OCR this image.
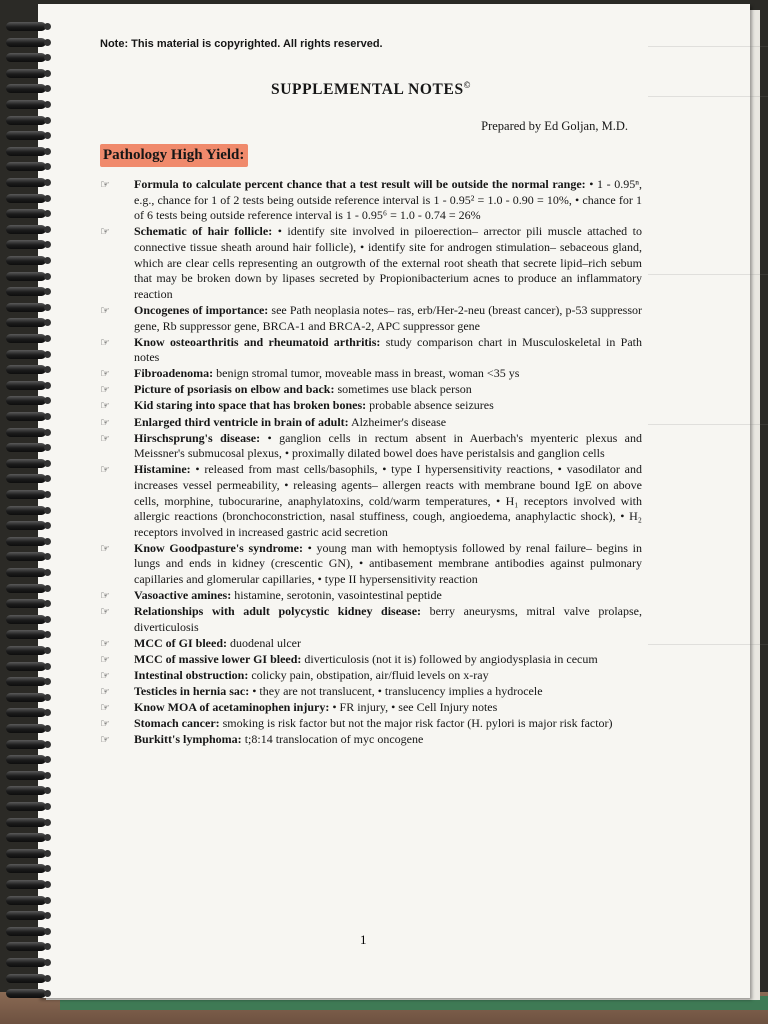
Note: This material is copyrighted. All rights reserved.
SUPPLEMENTAL NOTES©
Prepared by Ed Goljan, M.D.
Pathology High Yield:
☞	Formula to calculate percent chance that a test result will be outside the normal range: • 1 - 0.95ⁿ, e.g., chance for 1 of 2 tests being outside reference interval is 1 - 0.95² = 1.0 - 0.90 = 10%, • chance for 1 of 6 tests being outside reference interval is 1 - 0.95⁶ = 1.0 - 0.74 = 26%
☞	Schematic of hair follicle: • identify site involved in piloerection– arrector pili muscle attached to connective tissue sheath around hair follicle), • identify site for androgen stimulation– sebaceous gland, which are clear cells representing an outgrowth of the external root sheath that secrete lipid–rich sebum that may be broken down by lipases secreted by Propionibacterium acnes to produce an inflammatory reaction
☞	Oncogenes of importance: see Path neoplasia notes– ras, erb/Her-2-neu (breast cancer), p-53 suppressor gene, Rb suppressor gene, BRCA-1 and BRCA-2, APC suppressor gene
☞	Know osteoarthritis and rheumatoid arthritis: study comparison chart in Musculoskeletal in Path notes
☞	Fibroadenoma: benign stromal tumor, moveable mass in breast, woman <35 ys
☞	Picture of psoriasis on elbow and back: sometimes use black person
☞	Kid staring into space that has broken bones: probable absence seizures
☞	Enlarged third ventricle in brain of adult: Alzheimer's disease
☞	Hirschsprung's disease: • ganglion cells in rectum absent in Auerbach's myenteric plexus and Meissner's submucosal plexus, • proximally dilated bowel does have peristalsis and ganglion cells
☞	Histamine: • released from mast cells/basophils, • type I hypersensitivity reactions, • vasodilator and increases vessel permeability, • releasing agents– allergen reacts with membrane bound IgE on above cells, morphine, tubocurarine, anaphylatoxins, cold/warm temperatures, • H₁ receptors involved with allergic reactions (bronchoconstriction, nasal stuffiness, cough, angioedema, anaphylactic shock), • H₂ receptors involved in increased gastric acid secretion
☞	Know Goodpasture's syndrome: • young man with hemoptysis followed by renal failure– begins in lungs and ends in kidney (crescentic GN), • antibasement membrane antibodies against pulmonary capillaries and glomerular capillaries, • type II hypersensitivity reaction
☞	Vasoactive amines: histamine, serotonin, vasointestinal peptide
☞	Relationships with adult polycystic kidney disease: berry aneurysms, mitral valve prolapse, diverticulosis
☞	MCC of GI bleed: duodenal ulcer
☞	MCC of massive lower GI bleed: diverticulosis (not it is) followed by angiodysplasia in cecum
☞	Intestinal obstruction: colicky pain, obstipation, air/fluid levels on x-ray
☞	Testicles in hernia sac: • they are not translucent, • translucency implies a hydrocele
☞	Know MOA of acetaminophen injury: • FR injury, • see Cell Injury notes
☞	Stomach cancer: smoking is risk factor but not the major risk factor (H. pylori is major risk factor)
☞	Burkitt's lymphoma: t;8:14 translocation of myc oncogene
1
